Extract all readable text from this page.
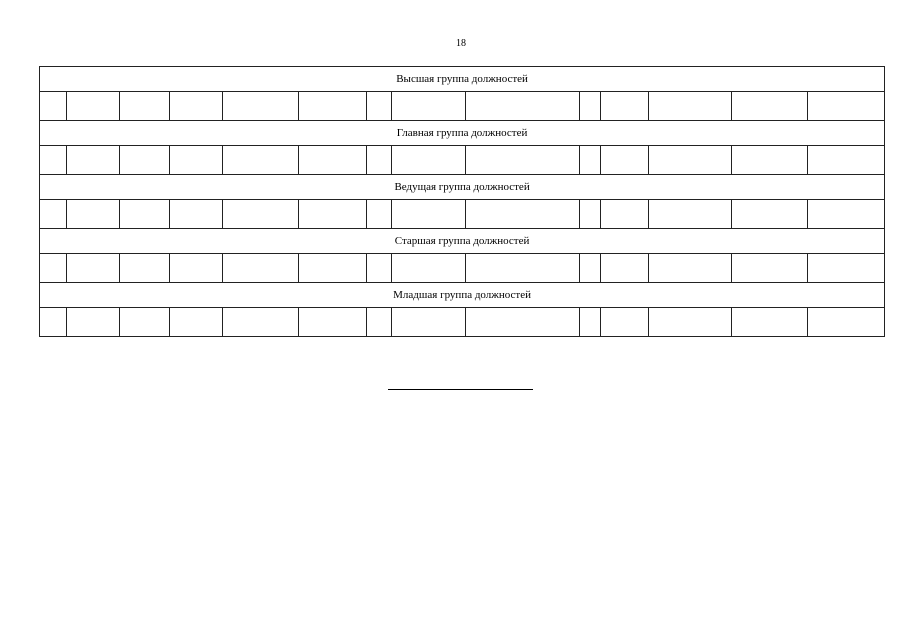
18
Высшая группа должностей													

Главная группа должностей													

Ведущая группа должностей													

Старшая группа должностей													

Младшая группа должностей													
